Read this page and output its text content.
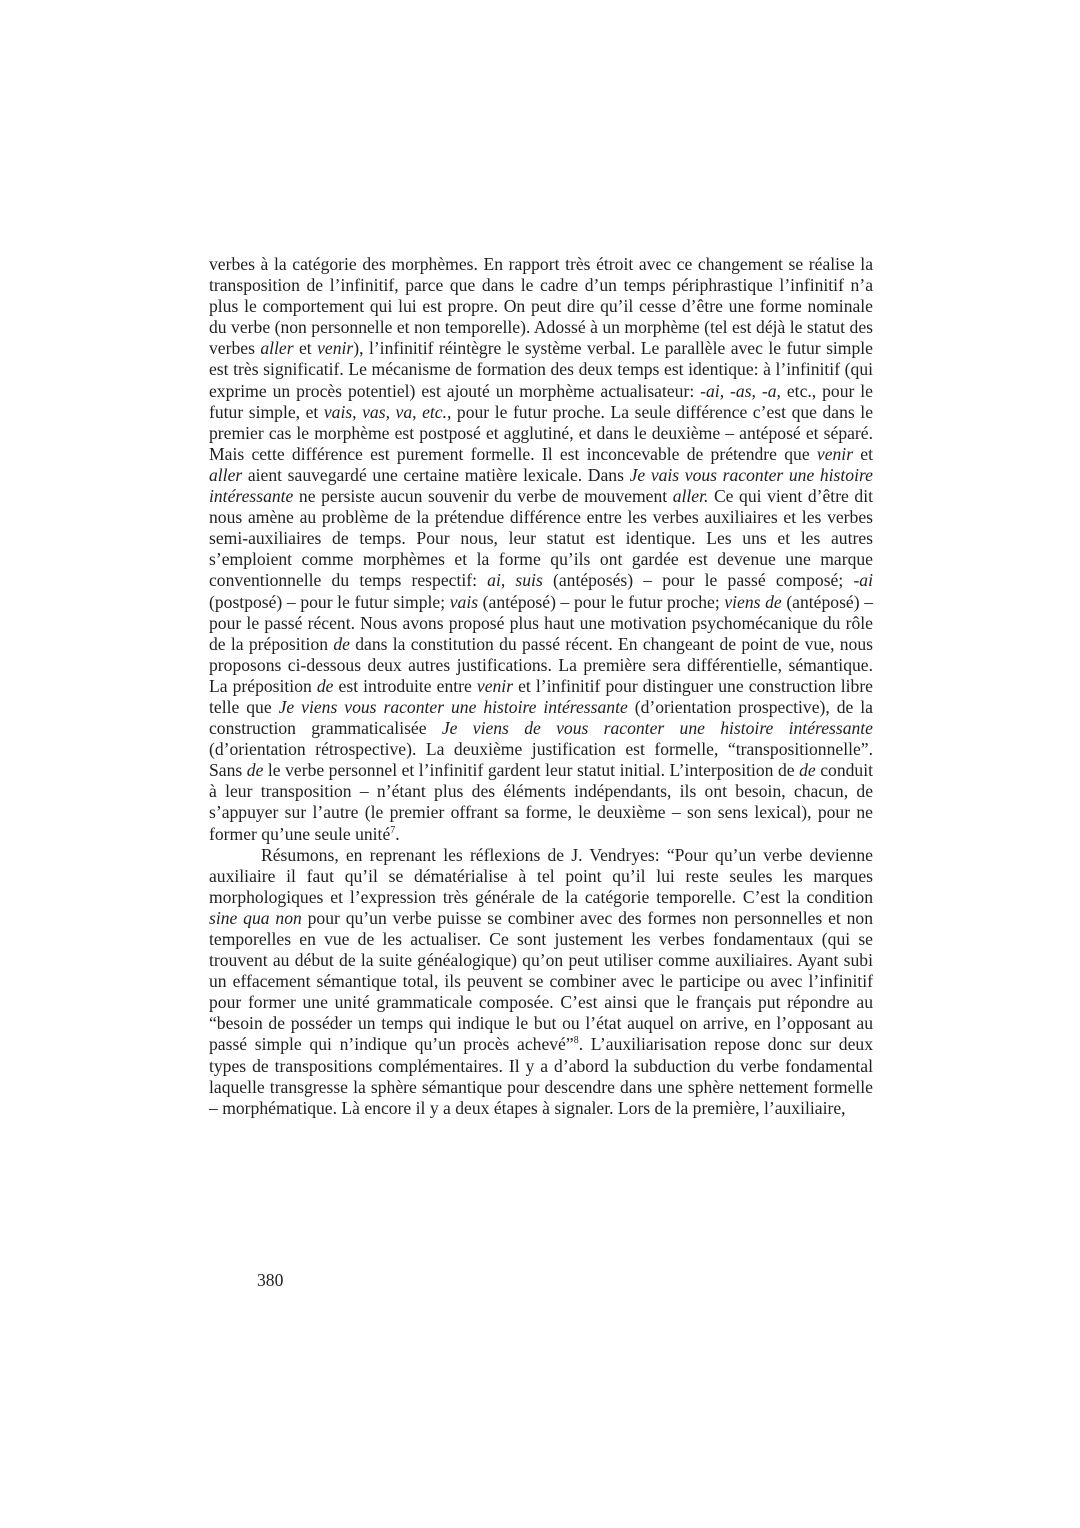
verbes à la catégorie des morphèmes. En rapport très étroit avec ce changement se réalise la transposition de l’infinitif, parce que dans le cadre d’un temps périphrastique l’infinitif n’a plus le comportement qui lui est propre. On peut dire qu’il cesse d’être une forme nominale du verbe (non personnelle et non temporelle). Adossé à un morphème (tel est déjà le statut des verbes aller et venir), l’infinitif réintègre le système verbal. Le parallèle avec le futur simple est très significatif. Le mécanisme de formation des deux temps est identique: à l’infinitif (qui exprime un procès potentiel) est ajouté un morphème actualisateur: -ai, -as, -a, etc., pour le futur simple, et vais, vas, va, etc., pour le futur proche. La seule différence c’est que dans le premier cas le morphème est postposé et agglutiné, et dans le deuxième – antéposé et séparé. Mais cette différence est purement formelle. Il est inconcevable de prétendre que venir et aller aient sauvegardé une certaine matière lexicale. Dans Je vais vous raconter une histoire intéressante ne persiste aucun souvenir du verbe de mouvement aller. Ce qui vient d’être dit nous amène au problème de la prétendue différence entre les verbes auxiliaires et les verbes semi-auxiliaires de temps. Pour nous, leur statut est identique. Les uns et les autres s’emploient comme morphèmes et la forme qu’ils ont gardée est devenue une marque conventionnelle du temps respectif: ai, suis (antéposés) – pour le passé composé; -ai (postposé) – pour le futur simple; vais (antéposé) – pour le futur proche; viens de (antéposé) – pour le passé récent. Nous avons proposé plus haut une motivation psychomécanique du rôle de la préposition de dans la constitution du passé récent. En changeant de point de vue, nous proposons ci-dessous deux autres justifications. La première sera différentielle, sémantique. La préposition de est introduite entre venir et l’infinitif pour distinguer une construction libre telle que Je viens vous raconter une histoire intéressante (d’orientation prospective), de la construction grammaticalisée Je viens de vous raconter une histoire intéressante (d’orientation rétrospective). La deuxième justification est formelle, “transpositionnelle”. Sans de le verbe personnel et l’infinitif gardent leur statut initial. L’interposition de de conduit à leur transposition – n’étant plus des éléments indépendants, ils ont besoin, chacun, de s’appuyer sur l’autre (le premier offrant sa forme, le deuxième – son sens lexical), pour ne former qu’une seule unité$^7$.

Résumons, en reprenant les réflexions de J. Vendryes: “Pour qu’un verbe devienne auxiliaire il faut qu’il se dématérialise à tel point qu’il lui reste seules les marques morphologiques et l’expression très générale de la catégorie temporelle. C’est la condition sine qua non pour qu’un verbe puisse se combiner avec des formes non personnelles et non temporelles en vue de les actualiser. Ce sont justement les verbes fondamentaux (qui se trouvent au début de la suite généalogique) qu’on peut utiliser comme auxiliaires. Ayant subi un effacement sémantique total, ils peuvent se combiner avec le participe ou avec l’infinitif pour former une unité grammaticale composée. C’est ainsi que le français put répondre au “besoin de posséder un temps qui indique le but ou l’état auquel on arrive, en l’opposant au passé simple qui n’indique qu’un procès achevé”$^8$. L’auxiliarisation repose donc sur deux types de transpositions complémentaires. Il y a d’abord la subduction du verbe fondamental laquelle transgresse la sphère sémantique pour descendre dans une sphère nettement formelle – morphématique. Là encore il y a deux étapes à signaler. Lors de la première, l’auxiliaire,

380
